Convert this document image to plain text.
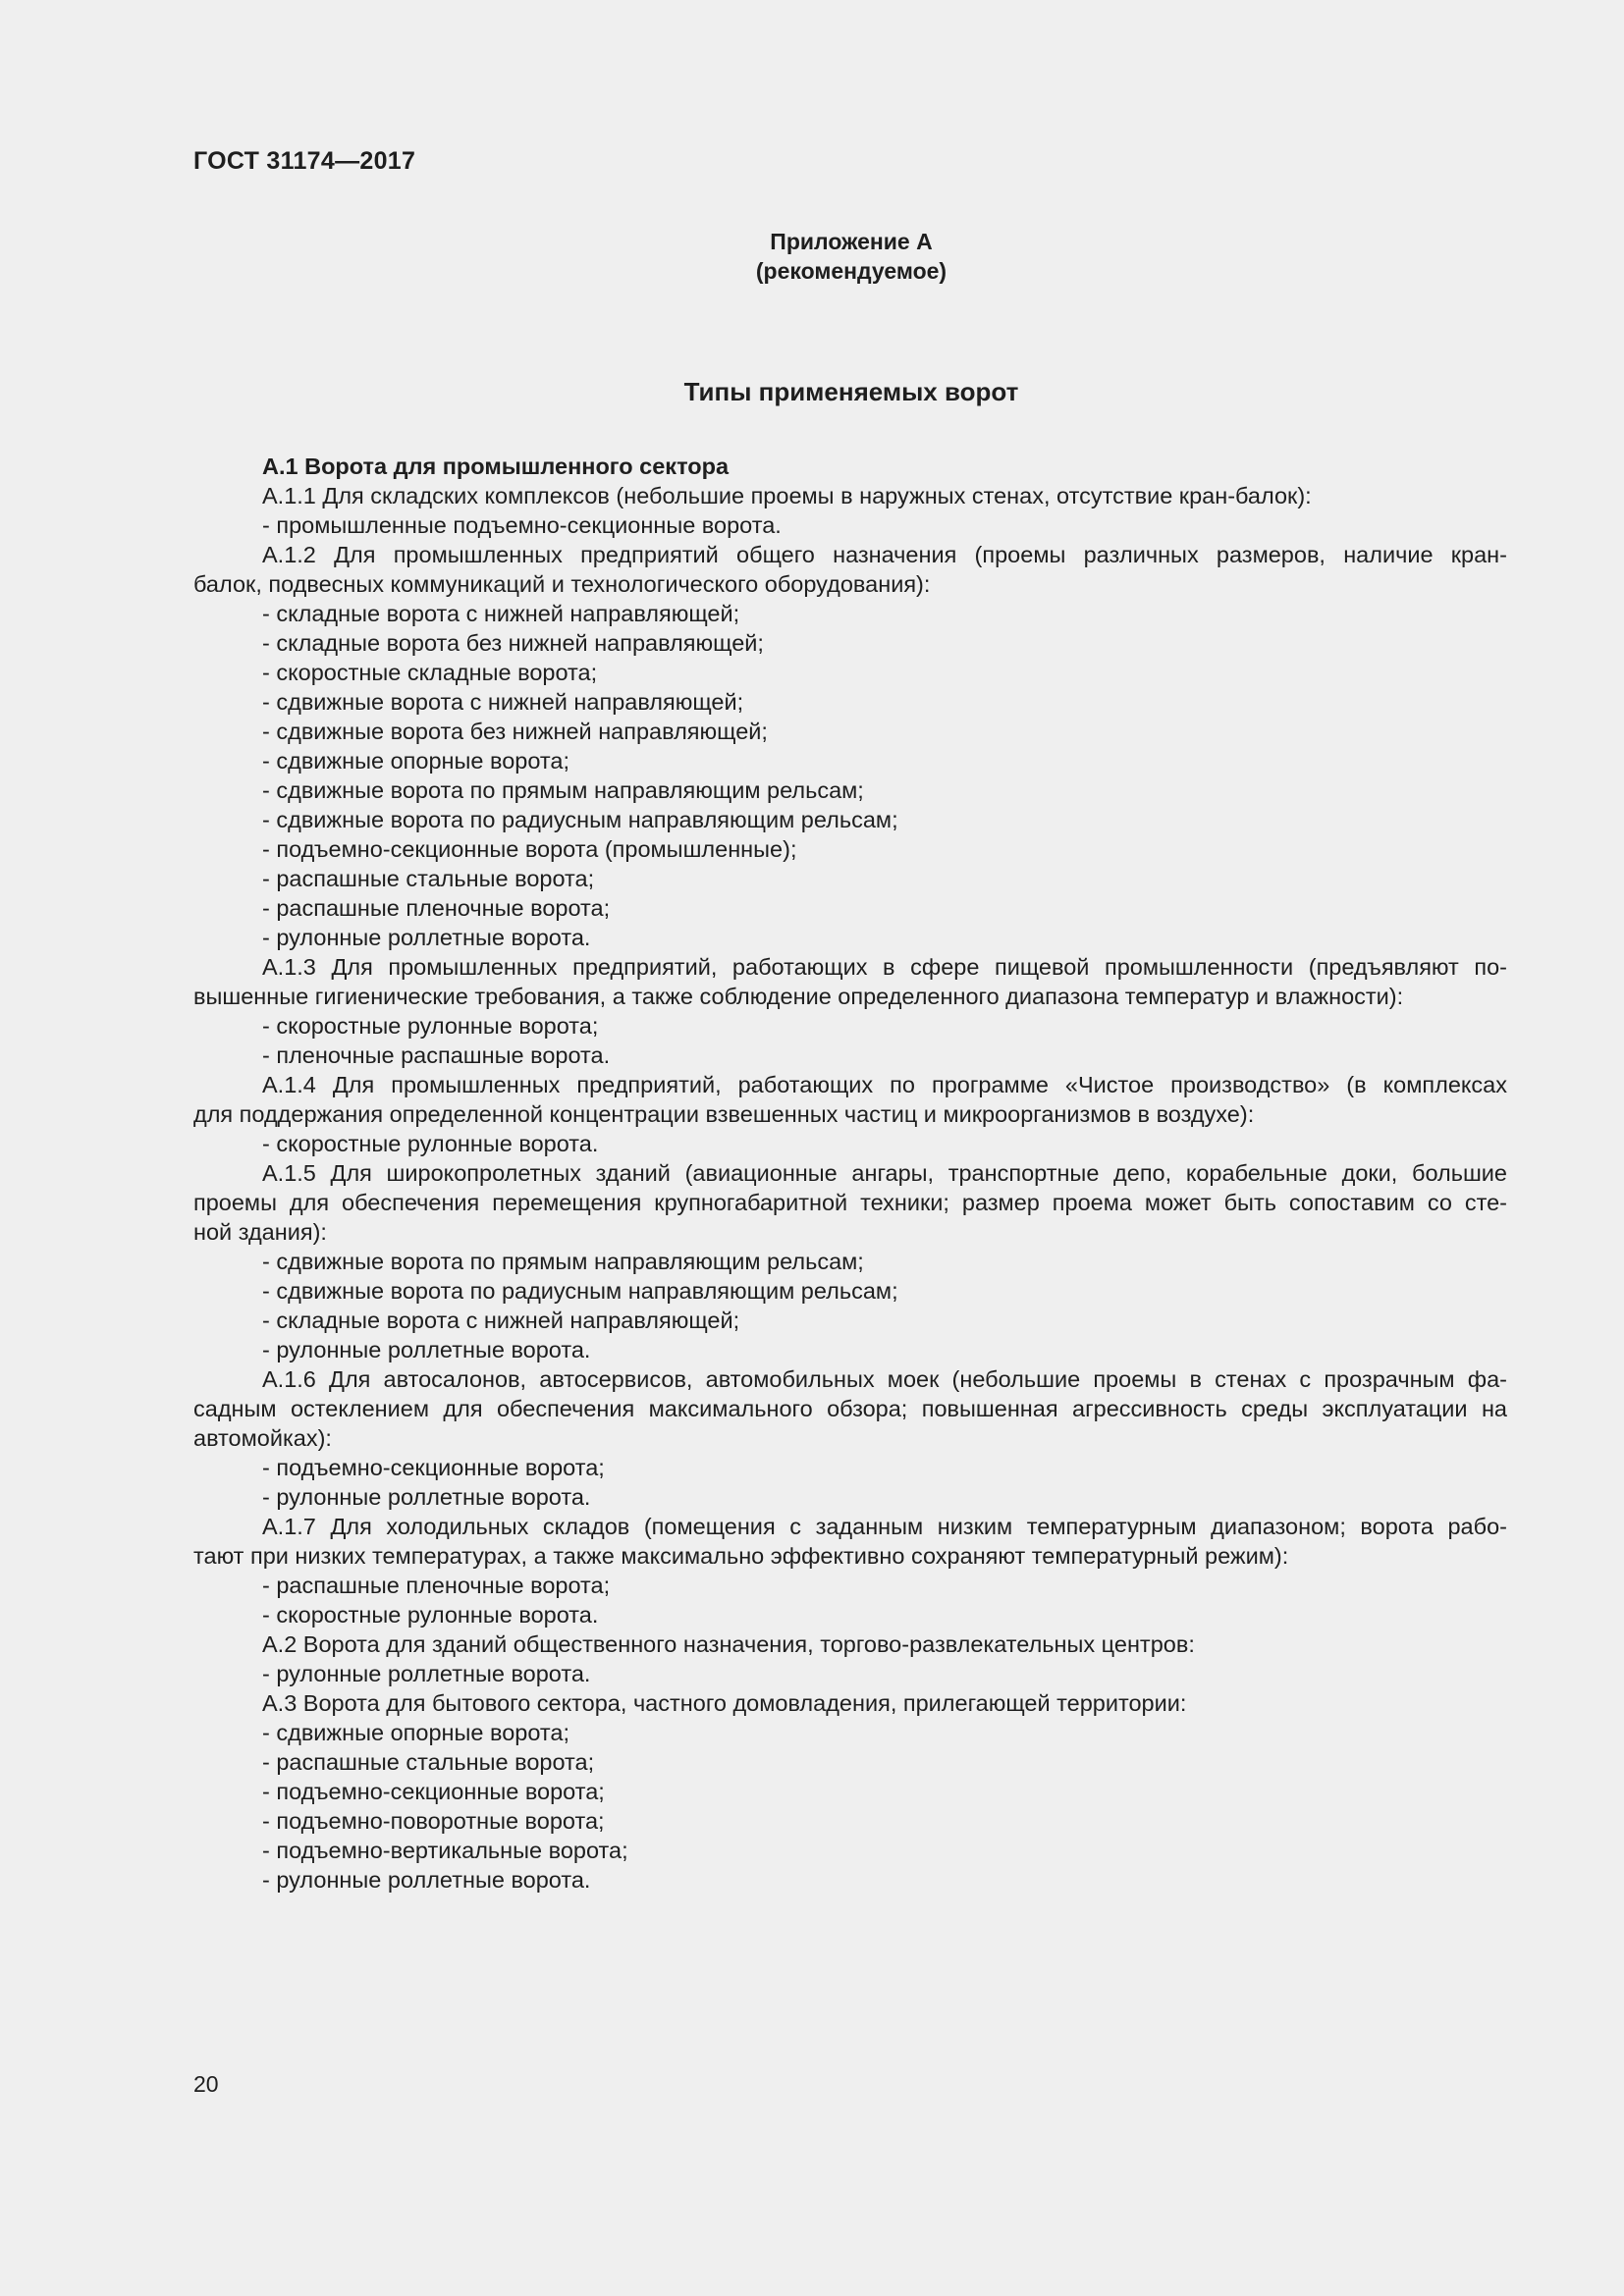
ГОСТ 31174—2017
Приложение А
(рекомендуемое)
Типы применяемых ворот

А.1 Ворота для промышленного сектора

А.1.1 Для складских комплексов (небольшие проемы в наружных стенах, отсутствие кран-балок):

- промышленные подъемно-секционные ворота.

А.1.2 Для промышленных предприятий общего назначения (проемы различных размеров, наличие кран-

балок, подвесных коммуникаций и технологического оборудования):

- складные ворота с нижней направляющей;

- складные ворота без нижней направляющей;

- скоростные складные ворота;

- сдвижные ворота с нижней направляющей;

- сдвижные ворота без нижней направляющей;

- сдвижные опорные ворота;

- сдвижные ворота по прямым направляющим рельсам;

- сдвижные ворота по радиусным направляющим рельсам;

- подъемно-секционные ворота (промышленные);

- распашные стальные ворота;

- распашные пленочные ворота;

- рулонные роллетные ворота.

А.1.3 Для промышленных предприятий, работающих в сфере пищевой промышленности (предъявляют по-

вышенные гигиенические требования, а также соблюдение определенного диапазона температур и влажности):

- скоростные рулонные ворота;

- пленочные распашные ворота.

А.1.4 Для промышленных предприятий, работающих по программе «Чистое производство» (в комплексах

для поддержания определенной концентрации взвешенных частиц и микроорганизмов в воздухе):

- скоростные рулонные ворота.

А.1.5 Для широкопролетных зданий (авиационные ангары, транспортные депо, корабельные доки, большие

проемы для обеспечения перемещения крупногабаритной техники; размер проема может быть сопоставим со сте-

ной здания):

- сдвижные ворота по прямым направляющим рельсам;

- сдвижные ворота по радиусным направляющим рельсам;

- складные ворота с нижней направляющей;

- рулонные роллетные ворота.

А.1.6 Для автосалонов, автосервисов, автомобильных моек (небольшие проемы в стенах с прозрачным фа-

садным остеклением для обеспечения максимального обзора; повышенная агрессивность среды эксплуатации на

автомойках):

- подъемно-секционные ворота;

- рулонные роллетные ворота.

А.1.7 Для холодильных складов (помещения с заданным низким температурным диапазоном; ворота рабо-

тают при низких температурах, а также максимально эффективно сохраняют температурный режим):

- распашные пленочные ворота;

- скоростные рулонные ворота.

А.2 Ворота для зданий общественного назначения, торгово-развлекательных центров:

- рулонные роллетные ворота.

А.3 Ворота для бытового сектора, частного домовладения, прилегающей территории:

- сдвижные опорные ворота;

- распашные стальные ворота;

- подъемно-секционные ворота;

- подъемно-поворотные ворота;

- подъемно-вертикальные ворота;

- рулонные роллетные ворота.

20
